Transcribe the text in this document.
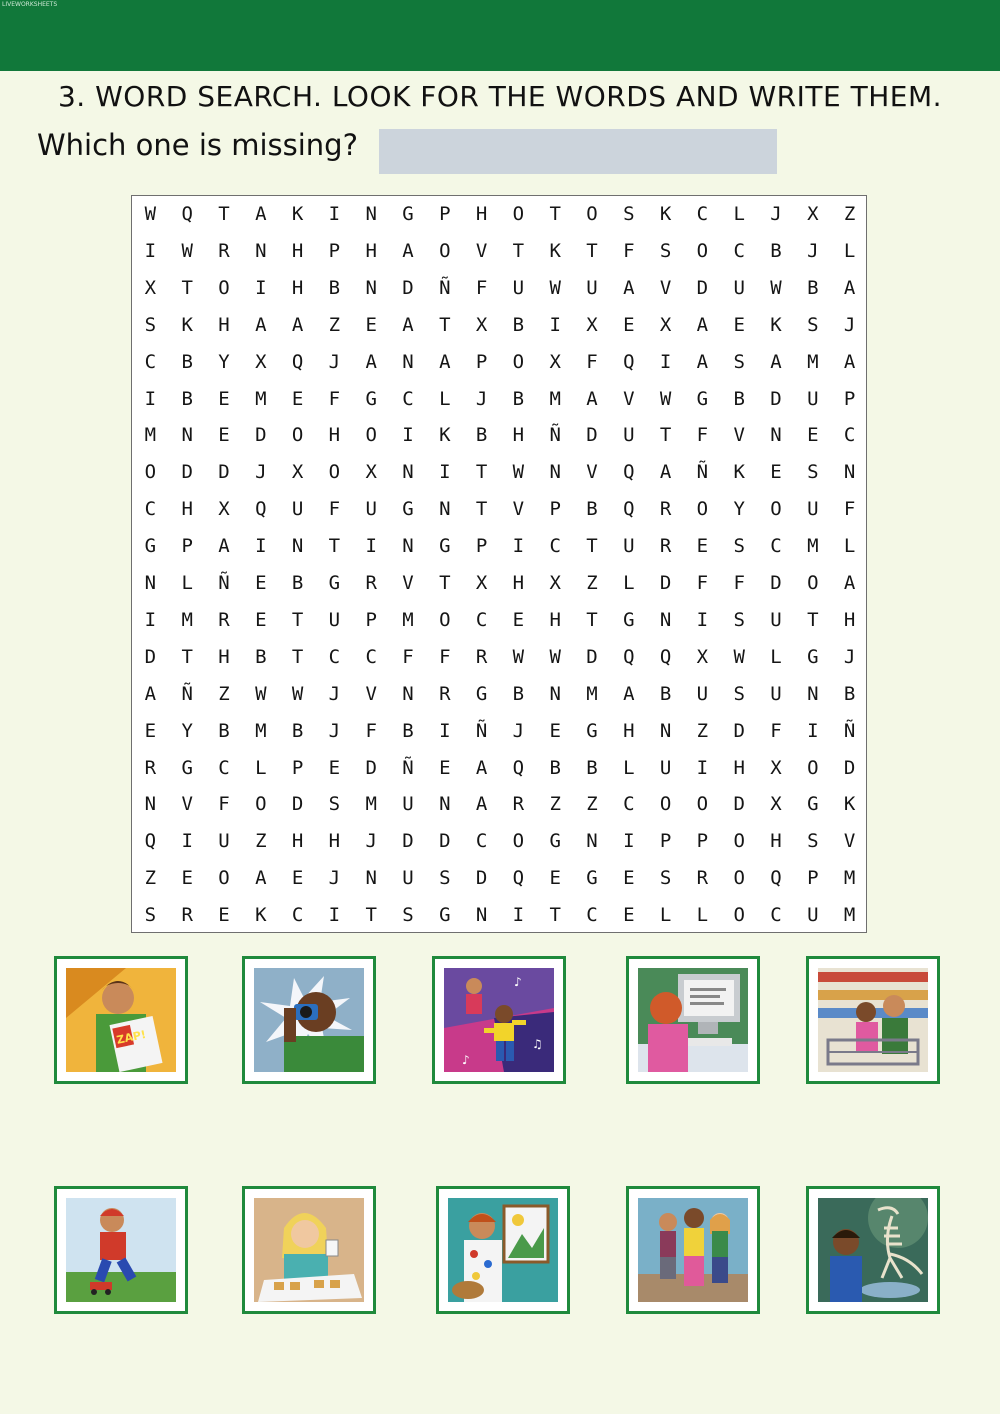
LIVEWORKSHEETS
3. WORD SEARCH. LOOK FOR THE WORDS AND WRITE THEM.
Which one is missing?
W	Q	T	A	K	I	N	G	P	H	O	T	O	S	K	C	L	J	X	Z
I	W	R	N	H	P	H	A	O	V	T	K	T	F	S	O	C	B	J	L
X	T	O	I	H	B	N	D	Ñ	F	U	W	U	A	V	D	U	W	B	A
S	K	H	A	A	Z	E	A	T	X	B	I	X	E	X	A	E	K	S	J
C	B	Y	X	Q	J	A	N	A	P	O	X	F	Q	I	A	S	A	M	A
I	B	E	M	E	F	G	C	L	J	B	M	A	V	W	G	B	D	U	P
M	N	E	D	O	H	O	I	K	B	H	Ñ	D	U	T	F	V	N	E	C
O	D	D	J	X	O	X	N	I	T	W	N	V	Q	A	Ñ	K	E	S	N
C	H	X	Q	U	F	U	G	N	T	V	P	B	Q	R	O	Y	O	U	F
G	P	A	I	N	T	I	N	G	P	I	C	T	U	R	E	S	C	M	L
N	L	Ñ	E	B	G	R	V	T	X	H	X	Z	L	D	F	F	D	O	A
I	M	R	E	T	U	P	M	O	C	E	H	T	G	N	I	S	U	T	H
D	T	H	B	T	C	C	F	F	R	W	W	D	Q	Q	X	W	L	G	J
A	Ñ	Z	W	W	J	V	N	R	G	B	N	M	A	B	U	S	U	N	B
E	Y	B	M	B	J	F	B	I	Ñ	J	E	G	H	N	Z	D	F	I	Ñ
R	G	C	L	P	E	D	Ñ	E	A	Q	B	B	L	U	I	H	X	O	D
N	V	F	O	D	S	M	U	N	A	R	Z	Z	C	O	O	D	X	G	K
Q	I	U	Z	H	H	J	D	D	C	O	G	N	I	P	P	O	H	S	V
Z	E	O	A	E	J	N	U	S	D	Q	E	G	E	S	R	O	Q	P	M
S	R	E	K	C	I	T	S	G	N	I	T	C	E	L	L	O	C	U	M
ZAP!
♪
♫
♪
